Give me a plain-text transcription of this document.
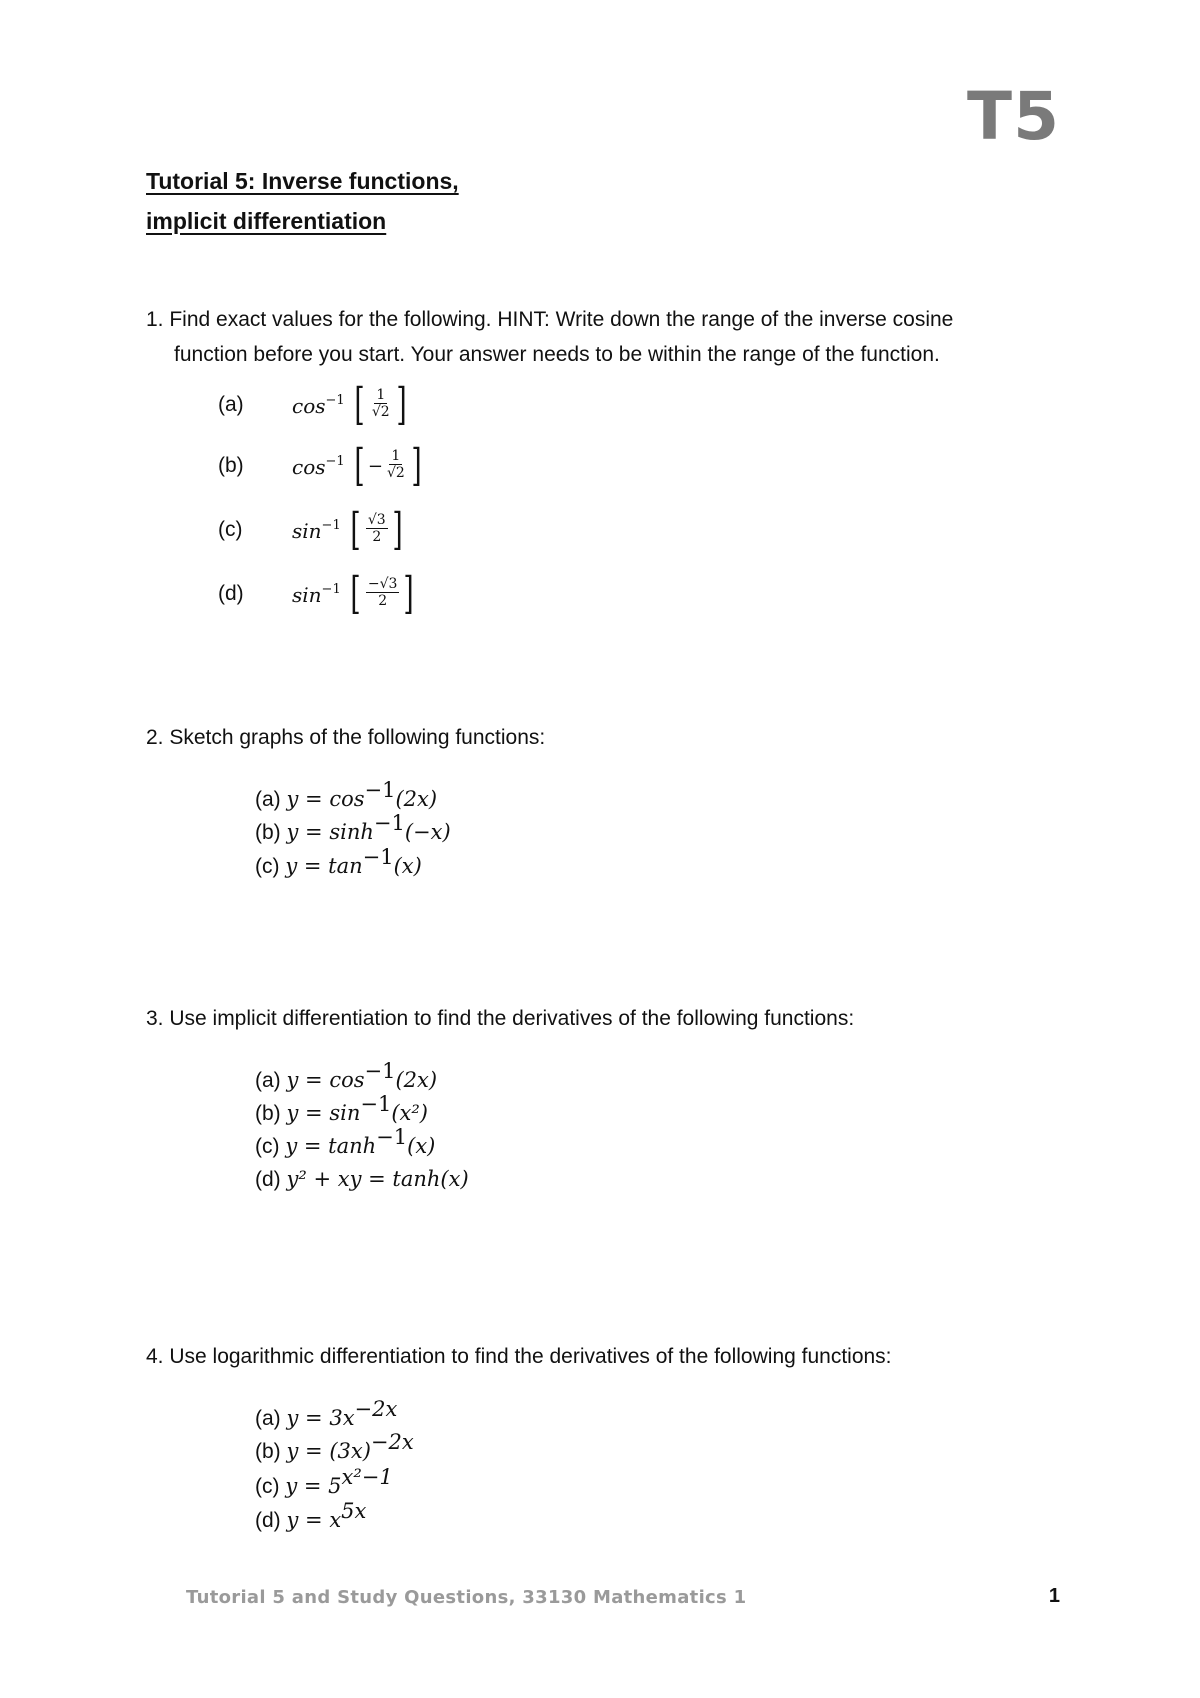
T5
Tutorial 5: Inverse functions,
implicit differentiation
1. Find exact values for the following. HINT: Write down the range of the inverse cosine
function before you start. Your answer needs to be within the range of the function.
(a)	$\cos^{-1}$ [ $\frac{1}{√2}$ ]
(b)	$\cos^{-1}$ [ − $\frac{1}{√2}$ ]
(c)	$\sin^{-1}$ [ $\frac{√3}{2}$ ]
(d)	$\sin^{-1}$ [ $\frac{-√3}{2}$ ]
2. Sketch graphs of the following functions:
(a) $y = \cos^{-1}(2x)$
(b) $y = \sinh^{-1}(-x)$
(c) $y = \tan^{-1}(x)$
3. Use implicit differentiation to find the derivatives of the following functions:
(a) $y = \cos^{-1}(2x)$
(b) $y = \sin^{-1}(x^2)$
(c) $y = \tanh^{-1}(x)$
(d) y² + xy = tanh(x)
4. Use logarithmic differentiation to find the derivatives of the following functions:
(a) $y = 3x^{-2x}$
(b) $y = (3x)^{-2x}$
(c) $y = 5^{x^2-1}$
(d) $y = x^{5x}$
Tutorial 5 and Study Questions, 33130 Mathematics 1	1
